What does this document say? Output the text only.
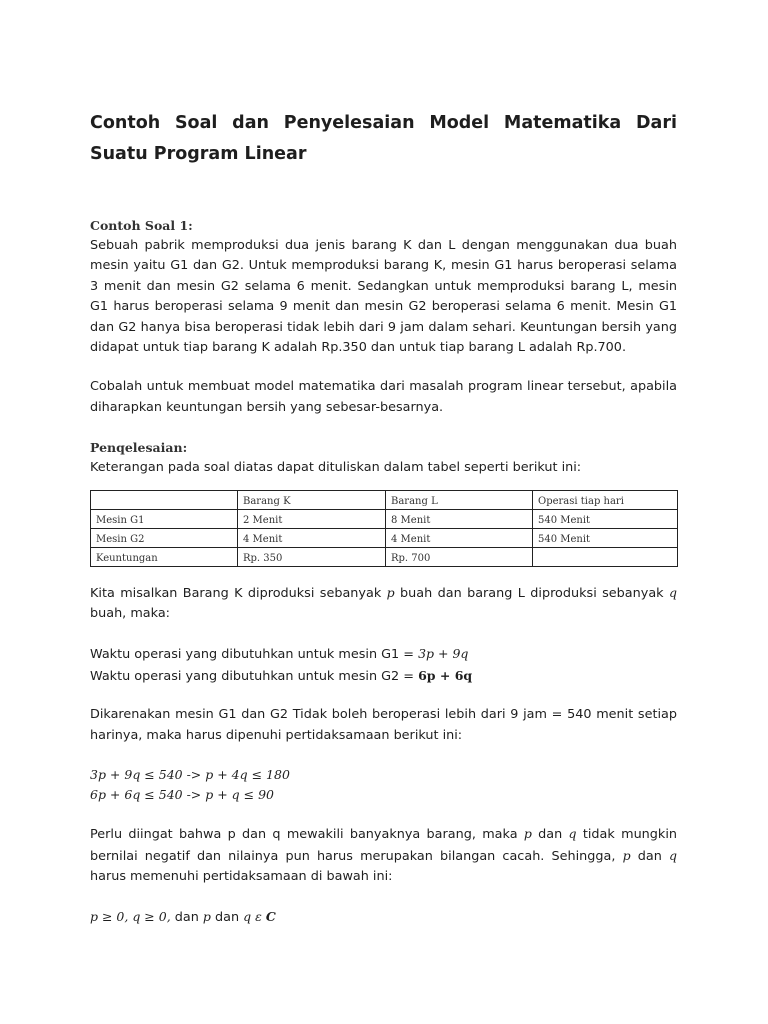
Contoh Soal dan Penyelesaian Model Matematika Dari Suatu Program Linear

Contoh Soal 1:

Sebuah pabrik memproduksi dua jenis barang K dan L dengan menggunakan dua buah mesin yaitu G1 dan G2. Untuk memproduksi barang K, mesin G1 harus beroperasi selama 3 menit dan mesin G2 selama 6 menit. Sedangkan untuk memproduksi barang L, mesin G1 harus beroperasi selama 9 menit dan mesin G2 beroperasi selama 6 menit. Mesin G1 dan G2 hanya bisa beroperasi tidak lebih dari 9 jam dalam sehari. Keuntungan bersih yang didapat untuk tiap barang K adalah Rp.350 dan untuk tiap barang L adalah Rp.700.

Cobalah untuk membuat model matematika dari masalah program linear tersebut, apabila diharapkan keuntungan bersih yang sebesar-besarnya.

Penqelesaian:

Keterangan pada soal diatas dapat dituliskan dalam tabel seperti berikut ini:

	Barang K	Barang L	Operasi tiap hari
Mesin G1	2 Menit	8 Menit	540 Menit
Mesin G2	4 Menit	4 Menit	540 Menit
Keuntungan	Rp. 350	Rp. 700	

Kita misalkan Barang K diproduksi sebanyak p buah dan barang L diproduksi sebanyak q buah, maka:

Waktu operasi yang dibutuhkan untuk mesin G1 = 3p + 9q

Waktu operasi yang dibutuhkan untuk mesin G2 = 6p + 6q

Dikarenakan mesin G1 dan G2 Tidak boleh beroperasi lebih dari 9 jam = 540 menit setiap harinya, maka harus dipenuhi pertidaksamaan berikut ini:

3p + 9q ≤ 540 -> p + 4q ≤ 180

6p + 6q ≤ 540 -> p + q ≤ 90

Perlu diingat bahwa p dan q mewakili banyaknya barang, maka p dan q tidak mungkin bernilai negatif dan nilainya pun harus merupakan bilangan cacah. Sehingga, p dan q harus memenuhi pertidaksamaan di bawah ini:

p ≥ 0, q ≥ 0, dan p dan q ε C
